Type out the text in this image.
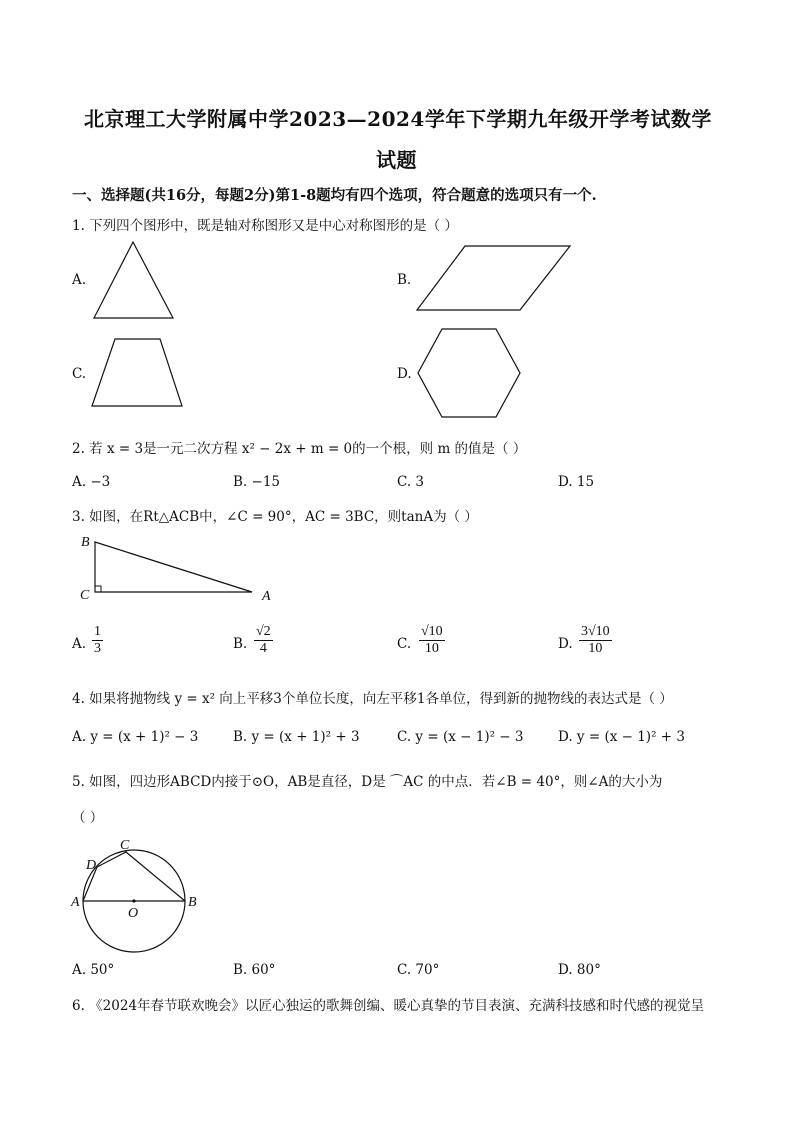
北京理工大学附属中学2023—2024学年下学期九年级开学考试数学
试题
一、选择题(共16分，每题2分)第1-8题均有四个选项，符合题意的选项只有一个.
1. 下列四个图形中，既是轴对称图形又是中心对称图形的是（ ）
A.	B.
C.	D.
2. 若 x = 3是一元二次方程 x² − 2x + m = 0的一个根，则 m 的值是（ ）
A. −3	B. −15	C. 3	D. 15
3. 如图，在Rt△ACB中，∠C = 90°，AC = 3BC，则tanA为（ ）
B
C	A
A. $\frac{1}{3}$	B. $\frac{√2}{4}$	C. $\frac{√10}{10}$	D. $\frac{3√10}{10}$
4. 如果将抛物线 y = x² 向上平移3个单位长度，向左平移1各单位，得到新的抛物线的表达式是（ ）
A. y = (x + 1)² − 3	B. y = (x + 1)² + 3	C. y = (x − 1)² − 3	D. y = (x − 1)² + 3
5. 如图，四边形ABCD内接于⊙O，AB是直径，D是 ⌒AC 的中点．若∠B = 40°，则∠A的大小为
（ ）
C
D
A
O
B
A. 50°	B. 60°	C. 70°	D. 80°
6. 《2024年春节联欢晚会》以匠心独运的歌舞创编、暖心真挚的节目表演、充满科技感和时代感的视觉呈
